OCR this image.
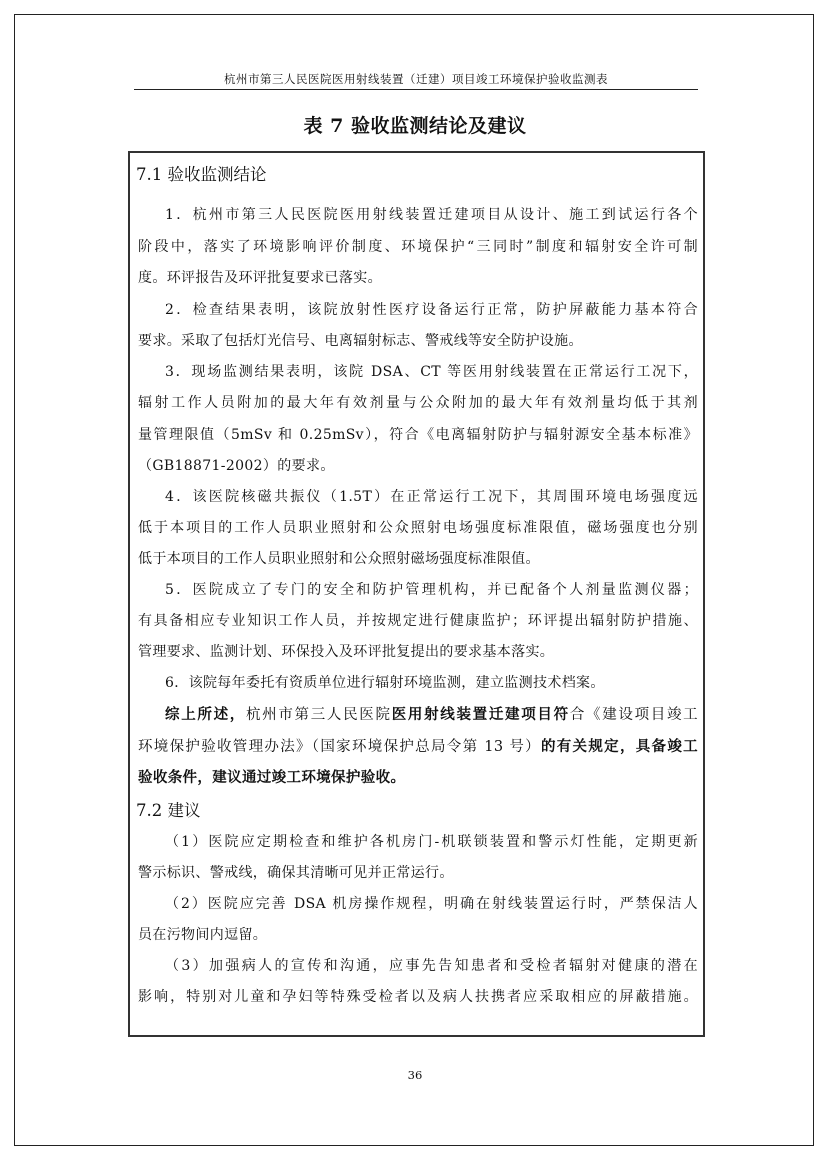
杭州市第三人民医院医用射线装置（迁建）项目竣工环境保护验收监测表
表 7 验收监测结论及建议
7.1 验收监测结论
1．杭州市第三人民医院医用射线装置迁建项目从设计、施工到试运行各个
阶段中，落实了环境影响评价制度、环境保护“三同时”制度和辐射安全许可制
度。环评报告及环评批复要求已落实。
2．检查结果表明，该院放射性医疗设备运行正常，防护屏蔽能力基本符合
要求。采取了包括灯光信号、电离辐射标志、警戒线等安全防护设施。
3．现场监测结果表明，该院 DSA、CT 等医用射线装置在正常运行工况下，
辐射工作人员附加的最大年有效剂量与公众附加的最大年有效剂量均低于其剂
量管理限值（5mSv 和 0.25mSv），符合《电离辐射防护与辐射源安全基本标准》
（GB18871-2002）的要求。
4．该医院核磁共振仪（1.5T）在正常运行工况下，其周围环境电场强度远
低于本项目的工作人员职业照射和公众照射电场强度标准限值，磁场强度也分别
低于本项目的工作人员职业照射和公众照射磁场强度标准限值。
5．医院成立了专门的安全和防护管理机构，并已配备个人剂量监测仪器；
有具备相应专业知识工作人员，并按规定进行健康监护；环评提出辐射防护措施、
管理要求、监测计划、环保投入及环评批复提出的要求基本落实。
6．该院每年委托有资质单位进行辐射环境监测，建立监测技术档案。
综上所述，杭州市第三人民医院医用射线装置迁建项目符合《建设项目竣工
环境保护验收管理办法》（国家环境保护总局令第 13 号）的有关规定，具备竣工
验收条件，建议通过竣工环境保护验收。
7.2 建议
（1）医院应定期检查和维护各机房门-机联锁装置和警示灯性能，定期更新
警示标识、警戒线，确保其清晰可见并正常运行。
（2）医院应完善 DSA 机房操作规程，明确在射线装置运行时，严禁保洁人
员在污物间内逗留。
（3）加强病人的宣传和沟通，应事先告知患者和受检者辐射对健康的潜在
影响，特别对儿童和孕妇等特殊受检者以及病人扶携者应采取相应的屏蔽措施。
36
